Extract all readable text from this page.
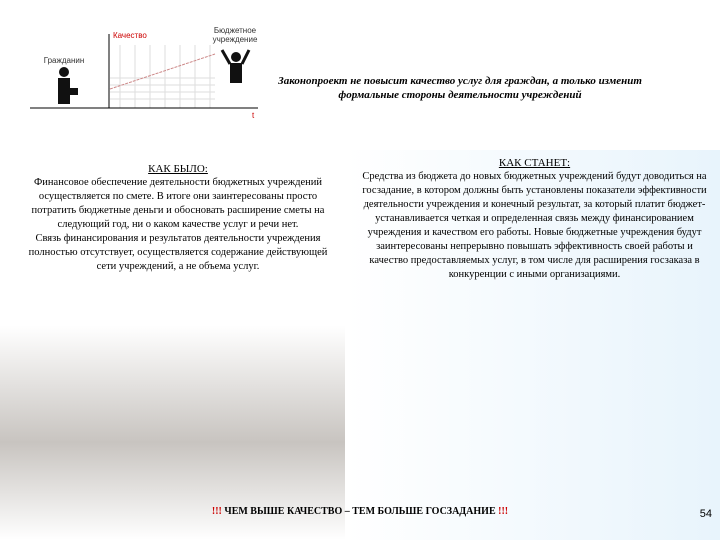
Качество
t
Гражданин
Бюджетное учреждение
Законопроект не повысит качество услуг для граждан, а только изменит формальные стороны деятельности учреждений
КАК БЫЛО:
Финансовое обеспечение деятельности бюджетных учреждений осуществляется по смете. В итоге они заинтересованы просто потратить бюджетные деньги и обосновать расширение сметы на следующий год, ни о каком качестве услуг и речи нет.
Связь финансирования и результатов деятельности учреждения полностью отсутствует, осуществляется содержание действующей сети учреждений, а не объема услуг.
КАК СТАНЕТ:
Средства из бюджета до новых бюджетных учреждений будут доводиться на госзадание, в котором должны быть установлены показатели эффективности деятельности учреждения и конечный результат, за который платит бюджет- устанавливается четкая и определенная связь между финансированием учреждения и качеством его работы. Новые бюджетные учреждения будут заинтересованы непрерывно повышать эффективность своей работы и качество предоставляемых услуг, в том числе для расширения госзаказа в конкуренции с иными организациями.
!!! ЧЕМ ВЫШЕ КАЧЕСТВО – ТЕМ БОЛЬШЕ ГОСЗАДАНИЕ !!!	54
